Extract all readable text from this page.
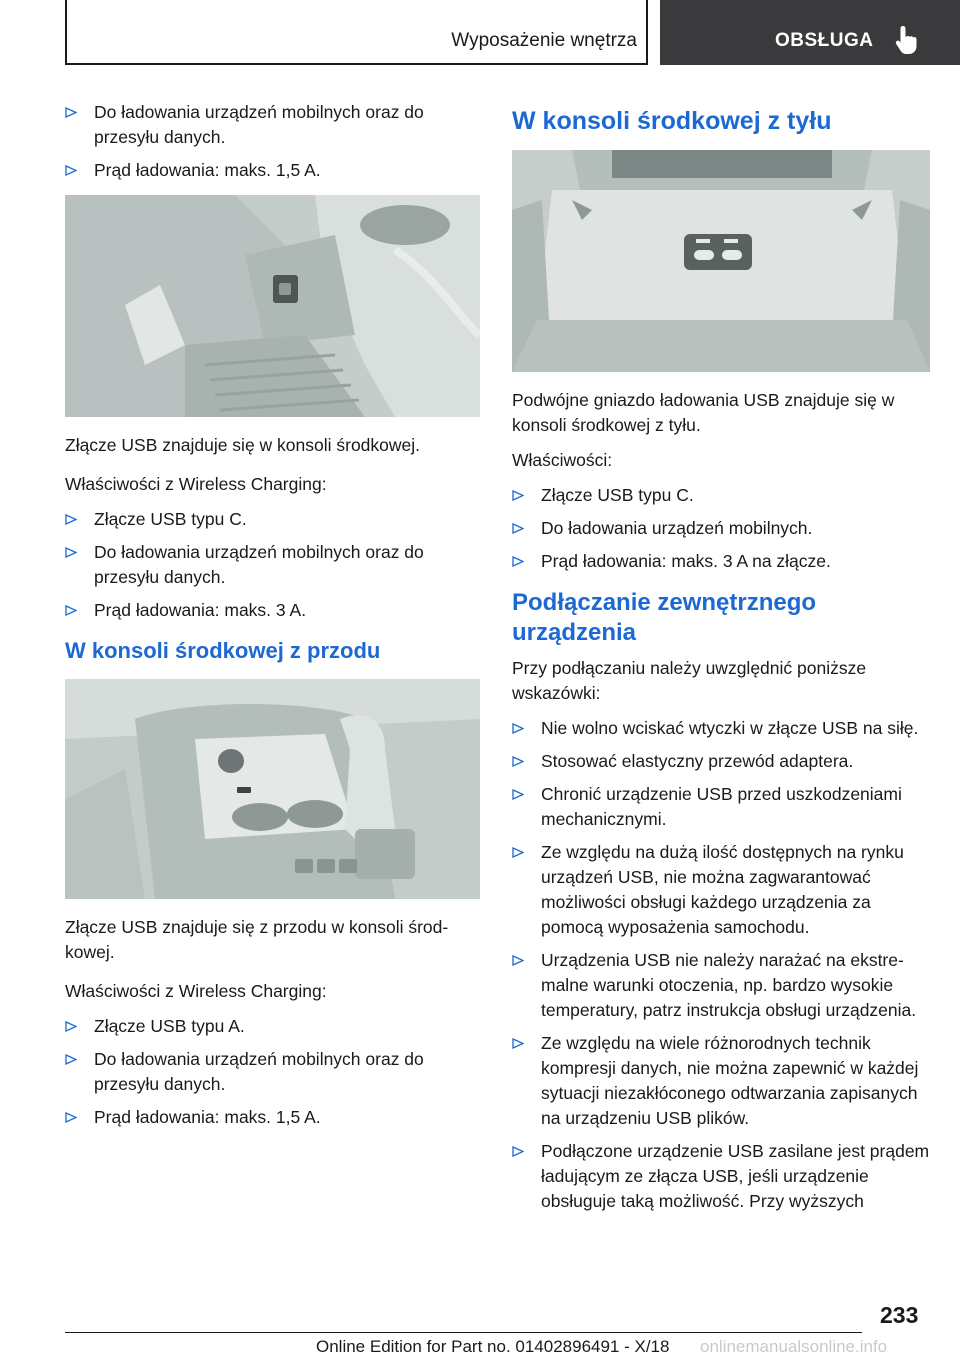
Wyposażenie wnętrza	OBSŁUGA
Do ładowania urządzeń mobilnych oraz do przesyłu danych.
Prąd ładowania: maks. 1,5 A.
Złącze USB znajduje się w konsoli środkowej.
Właściwości z Wireless Charging:
Złącze USB typu C.
Do ładowania urządzeń mobilnych oraz do przesyłu danych.
Prąd ładowania: maks. 3 A.
W konsoli środkowej z przodu
Złącze USB znajduje się z przodu w konsoli środkowej.
Właściwości z Wireless Charging:
Złącze USB typu A.
Do ładowania urządzeń mobilnych oraz do przesyłu danych.
Prąd ładowania: maks. 1,5 A.
W konsoli środkowej z tyłu
Podwójne gniazdo ładowania USB znajduje się w konsoli środkowej z tyłu.
Właściwości:
Złącze USB typu C.
Do ładowania urządzeń mobilnych.
Prąd ładowania: maks. 3 A na złącze.
Podłączanie zewnętrznego urządzenia
Przy podłączaniu należy uwzględnić poniższe wskazówki:
Nie wolno wciskać wtyczki w złącze USB na siłę.
Stosować elastyczny przewód adaptera.
Chronić urządzenie USB przed uszkodzeniami mechanicznymi.
Ze względu na dużą ilość dostępnych na rynku urządzeń USB, nie można zagwarantować możliwości obsługi każdego urządzenia za pomocą wyposażenia samochodu.
Urządzenia USB nie należy narażać na ekstremalne warunki otoczenia, np. bardzo wysokie temperatury, patrz instrukcja obsługi urządzenia.
Ze względu na wiele różnorodnych technik kompresji danych, nie można zapewnić w każdej sytuacji niezakłóconego odtwarzania zapisanych na urządzeniu USB plików.
Podłączone urządzenie USB zasilane jest prądem ładującym ze złącza USB, jeśli urządzenie obsługuje taką możliwość. Przy wyższych
233
Online Edition for Part no. 01402896491 - X/18 onlinemanualsonline.info
